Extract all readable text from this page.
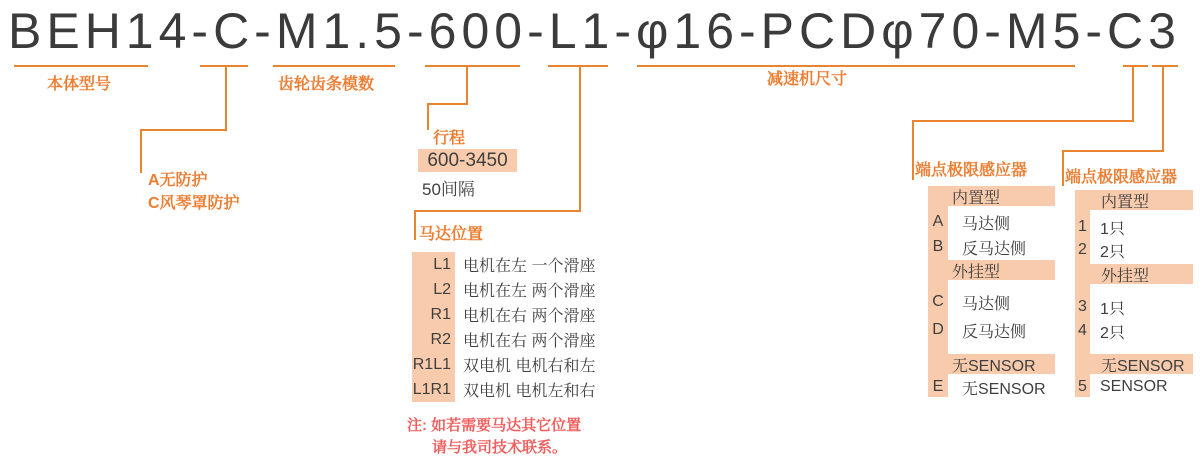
BEH14-C-M1.5-600-L1-φ16-PCDφ70-M5-C3
本体型号	齿轮齿条模数	减速机尺寸
A无防护
C风琴罩防护
行程
600-3450
50间隔
马达位置
L1 电机在左 一个滑座
L2 电机在左 两个滑座
R1 电机在右 两个滑座
R2 电机在右 两个滑座
R1L1 双电机 电机右和左
L1R1 双电机 电机左和右
注: 如若需要马达其它位置
请与我司技术联系。
端点极限感应器
内置型
A	马达侧
B	反马达侧
外挂型
C	马达侧
D	反马达侧
无SENSOR
E	无SENSOR
端点极限感应器
内置型
1 1只
2 2只
外挂型
3 1只
4 2只
无SENSOR
5 SENSOR
